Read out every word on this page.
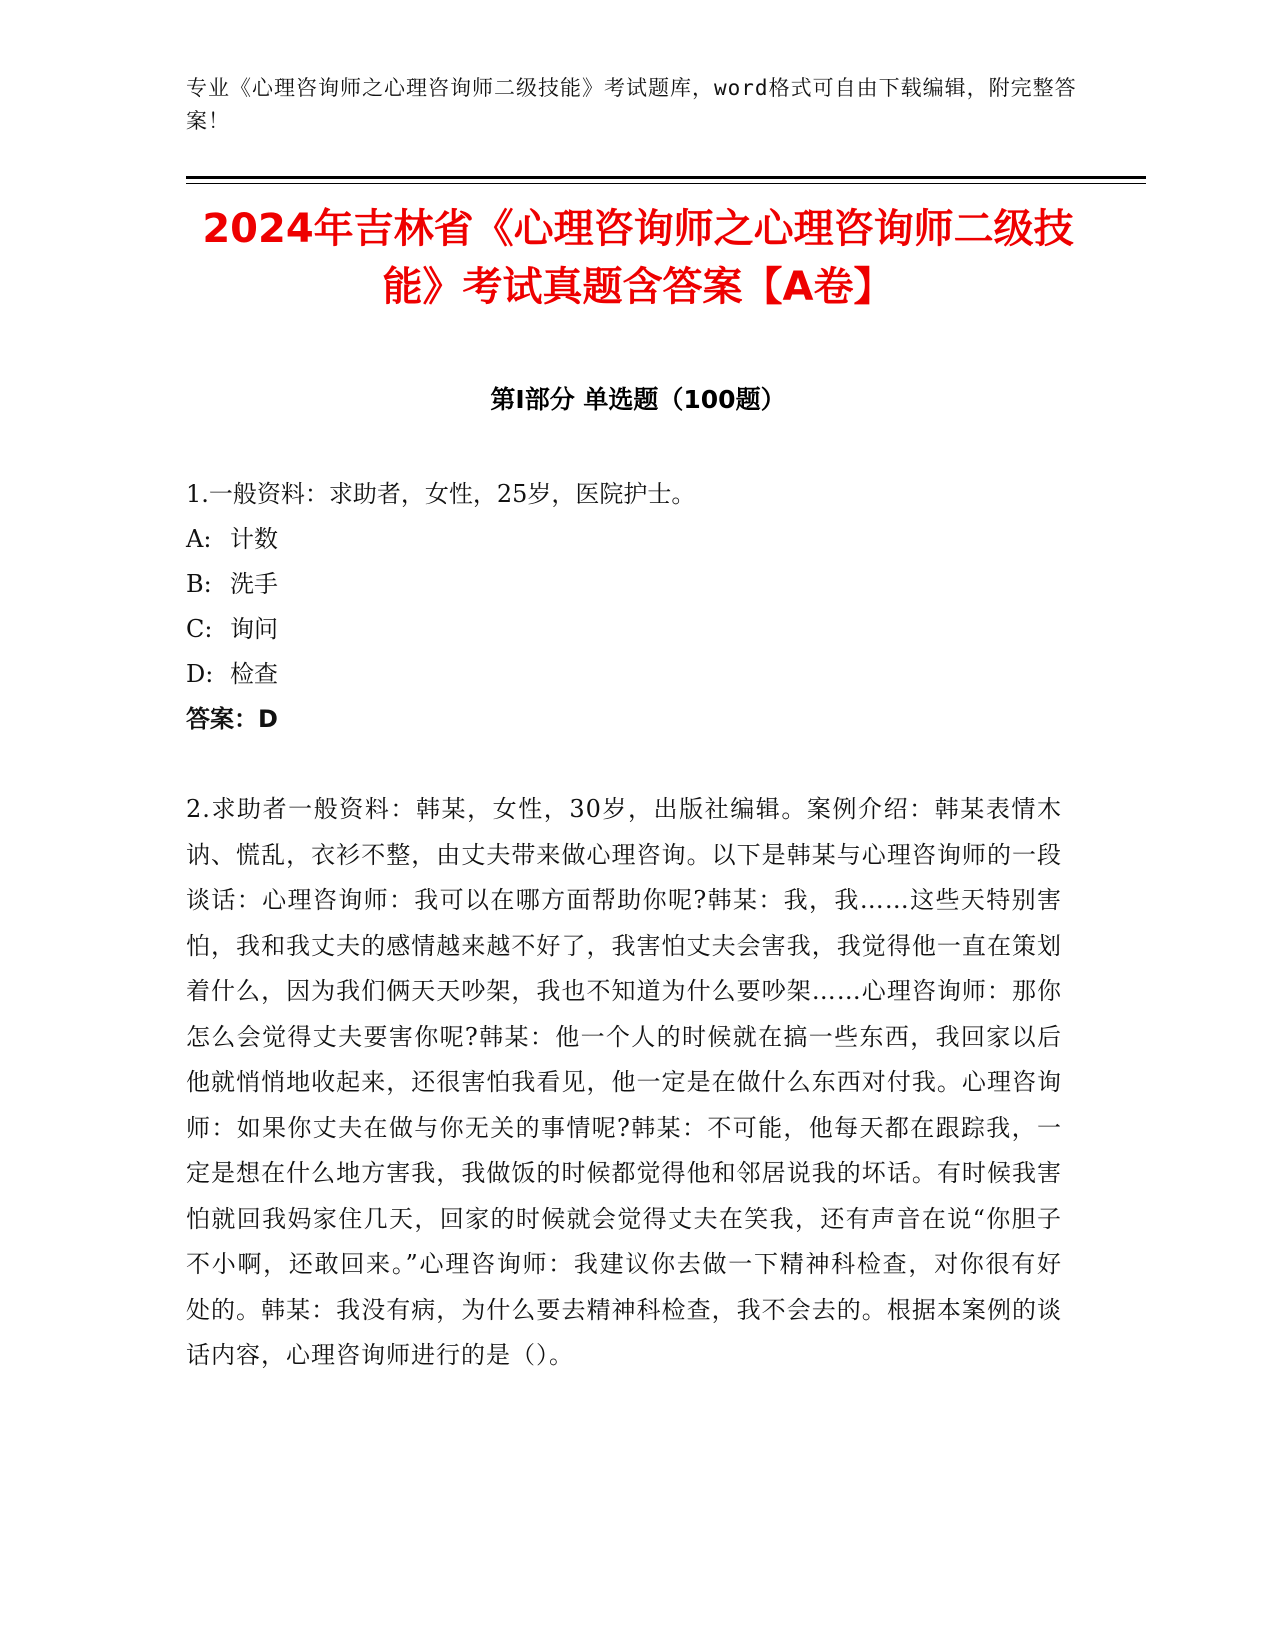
专业《心理咨询师之心理咨询师二级技能》考试题库，word格式可自由下载编辑，附完整答案！
2024年吉林省《心理咨询师之心理咨询师二级技能》考试真题含答案【A卷】
第I部分 单选题（100题）
1.一般资料：求助者，女性，25岁，医院护士。
A: 计数
B: 洗手
C: 询问
D: 检查
答案：D
2.求助者一般资料：韩某，女性，30岁，出版社编辑。案例介绍：韩某表情木讷、慌乱，衣衫不整，由丈夫带来做心理咨询。以下是韩某与心理咨询师的一段谈话：心理咨询师：我可以在哪方面帮助你呢?韩某：我，我……这些天特别害怕，我和我丈夫的感情越来越不好了，我害怕丈夫会害我，我觉得他一直在策划着什么，因为我们俩天天吵架，我也不知道为什么要吵架……心理咨询师：那你怎么会觉得丈夫要害你呢?韩某：他一个人的时候就在搞一些东西，我回家以后他就悄悄地收起来，还很害怕我看见，他一定是在做什么东西对付我。心理咨询师：如果你丈夫在做与你无关的事情呢?韩某：不可能，他每天都在跟踪我，一定是想在什么地方害我，我做饭的时候都觉得他和邻居说我的坏话。有时候我害怕就回我妈家住几天，回家的时候就会觉得丈夫在笑我，还有声音在说“你胆子不小啊，还敢回来。”心理咨询师：我建议你去做一下精神科检查，对你很有好处的。韩某：我没有病，为什么要去精神科检查，我不会去的。根据本案例的谈话内容，心理咨询师进行的是（）。
